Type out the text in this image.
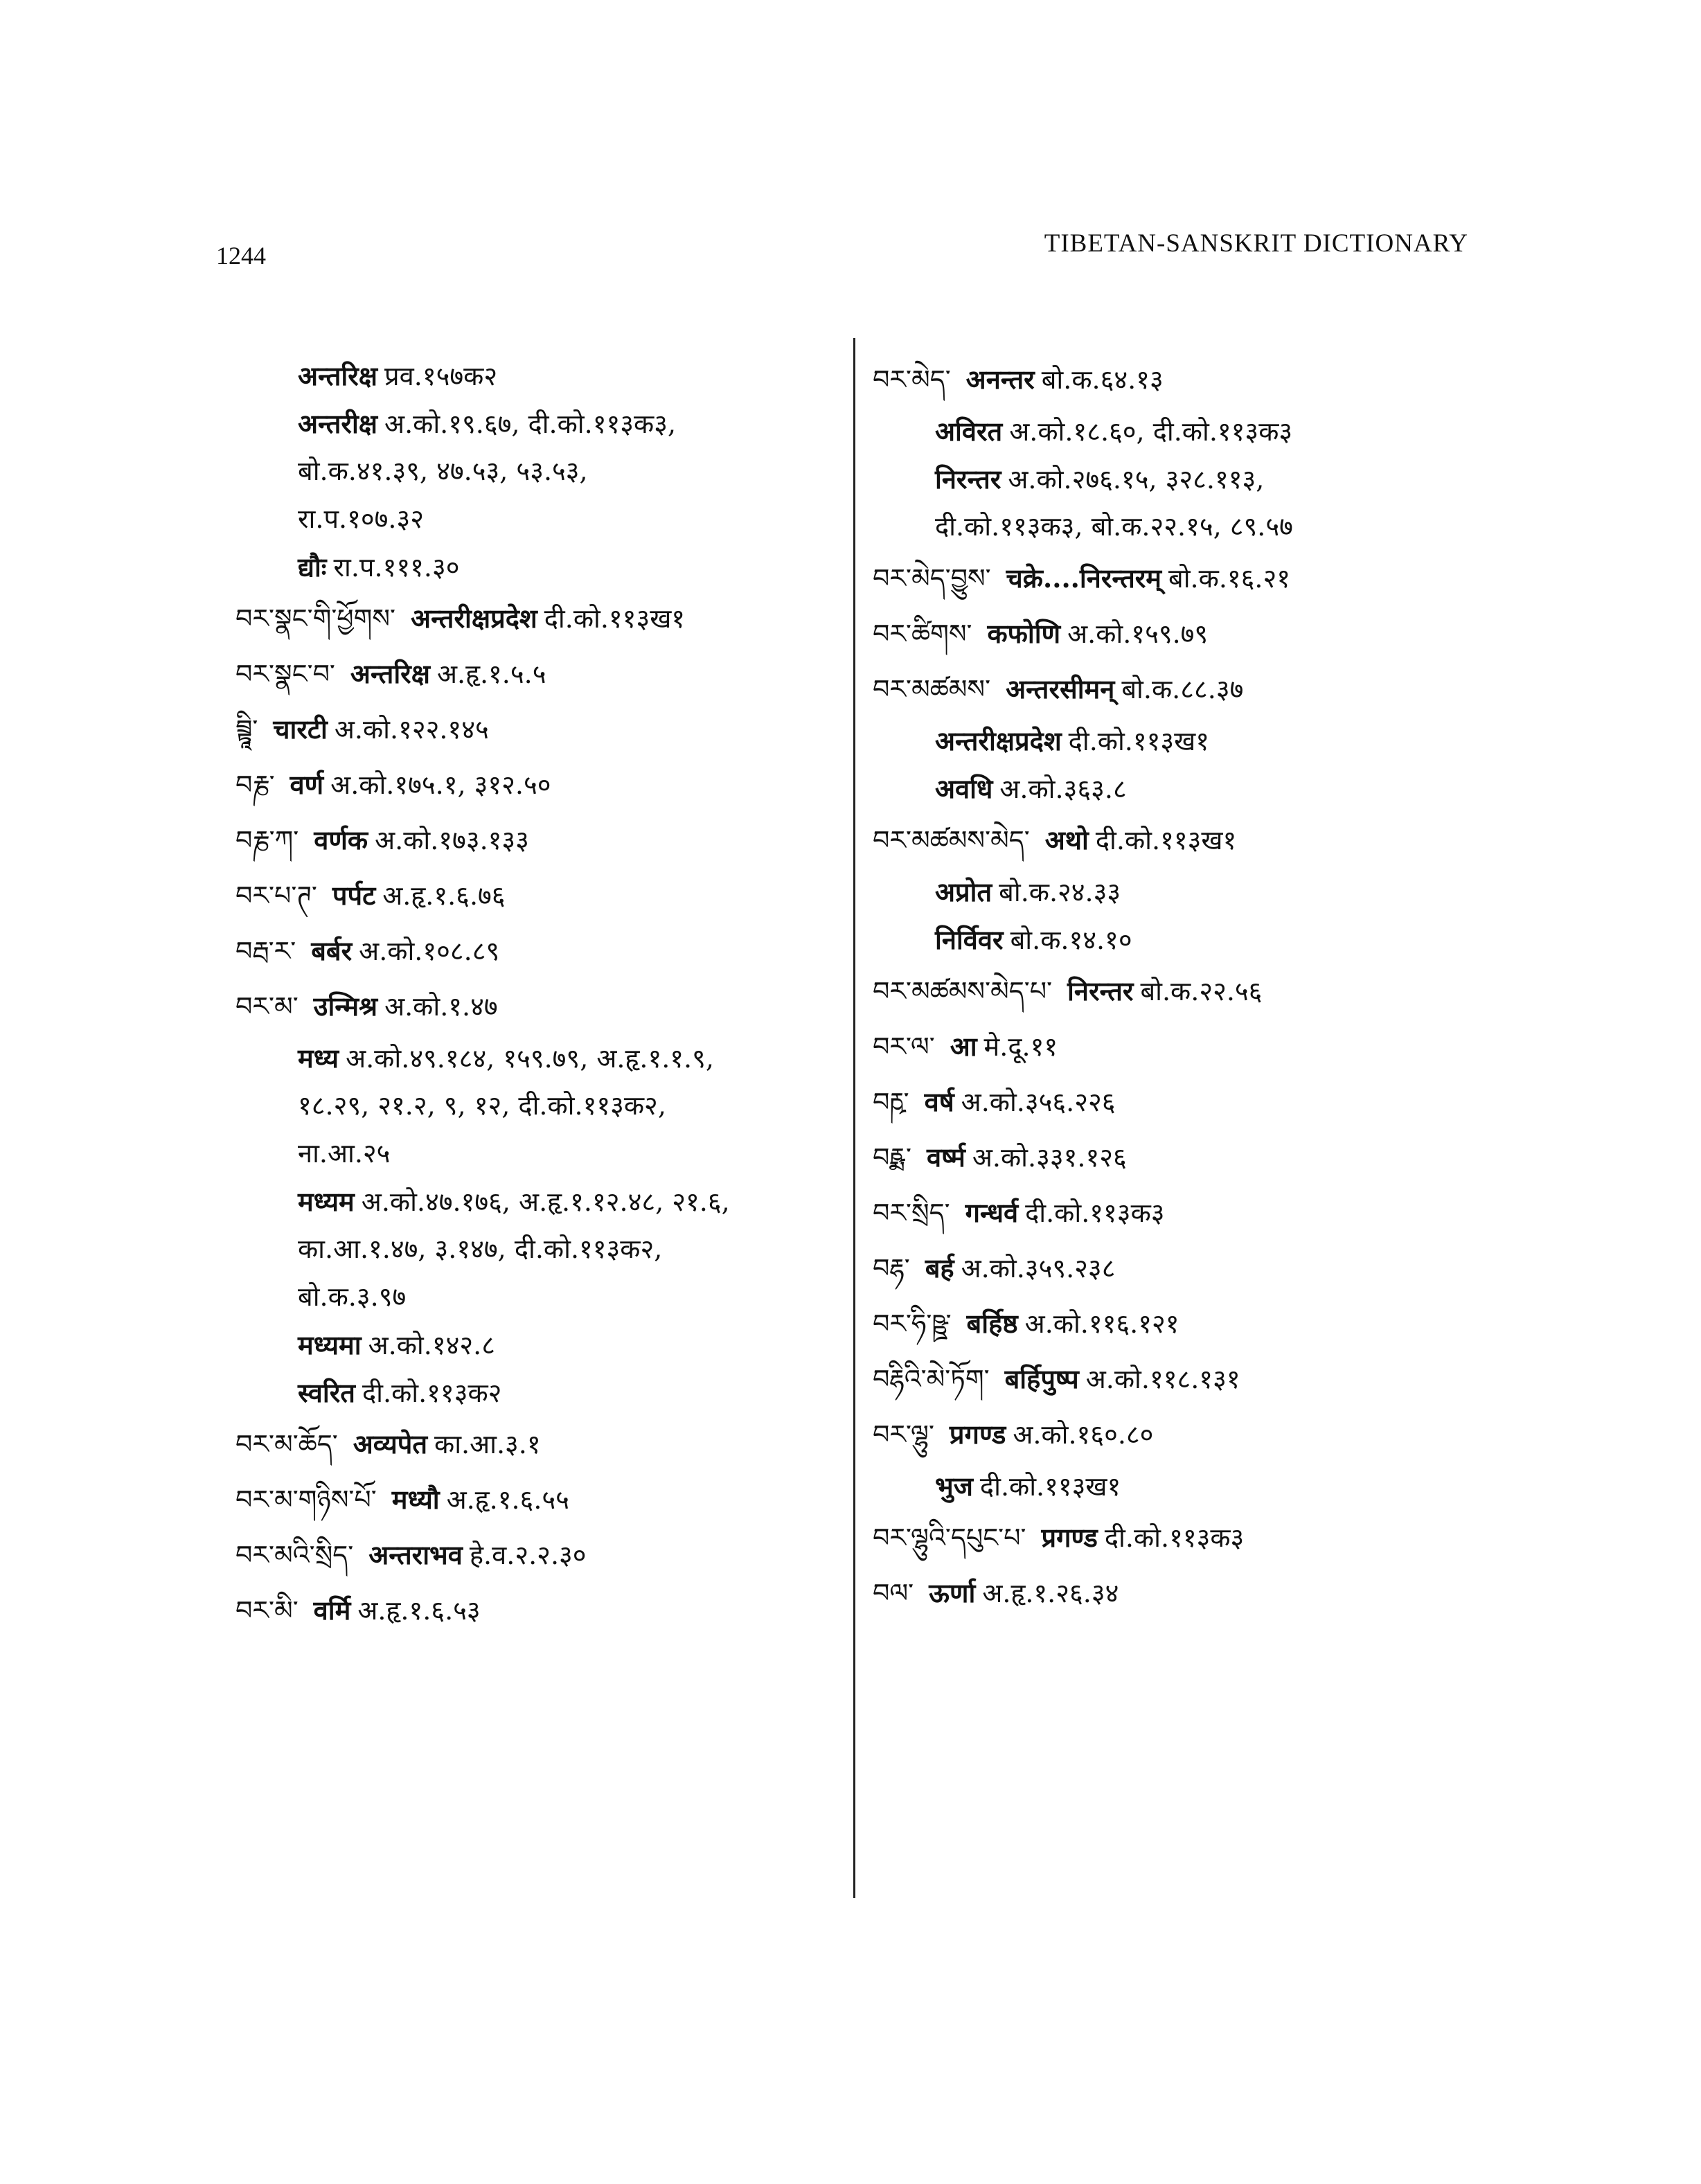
1244	TIBETAN-SANSKRIT DICTIONARY
अन्तरिक्ष प्रव.१५७क२
अन्तरीक्ष अ.को.१९.६७, दी.को.११३क३,
बो.क.४१.३९, ४७.५३, ५३.५३,
रा.प.१०७.३२
द्यौः रा.प.१११.३०
བར་སྣང་གི་ཕྱོགས་ अन्तरीक्षप्रदेश दी.को.११३ख१
བར་སྣང་བ་ अन्तरिक्ष अ.हृ.१.५.५
བྲྟཱི་ चारटी अ.को.१२२.१४५
བརྞ་ वर्ण अ.को.१७५.१, ३१२.५०
བརྞ་ཀ་ वर्णक अ.को.१७३.१३३
བར་པ་ཊ་ पर्पट अ.हृ.१.६.७६
བརྦ་ར་ बर्बर अ.को.१०८.८९
བར་མ་ उन्मिश्र अ.को.१.४७
मध्य अ.को.४९.१८४, १५९.७९, अ.हृ.१.१.९,
१८.२९, २१.२, ९, १२, दी.को.११३क२,
ना.आ.२५
मध्यम अ.को.४७.१७६, अ.हृ.१.१२.४८, २१.६,
का.आ.१.४७, ३.१४७, दी.को.११३क२,
बो.क.३.९७
मध्यमा अ.को.१४२.८
स्वरित दी.को.११३क२
བར་མ་ཆོད་ अव्यपेत का.आ.३.१
བར་མ་གཉིས་པོ་ मध्यौ अ.हृ.१.६.५५
བར་མའི་སྲིད་ अन्तराभव हे.व.२.२.३०
བར་མི་ वर्मि अ.हृ.१.६.५३
བར་མེད་ अनन्तर बो.क.६४.१३
अविरत अ.को.१८.६०, दी.को.११३क३
निरन्तर अ.को.२७६.१५, ३२८.११३,
दी.को.११३क३, बो.क.२२.१५, ८९.५७
བར་མེད་བྱུས་ चक्रे....निरन्तरम् बो.क.१६.२१
བར་ཚིགས་ कफोणि अ.को.१५९.७९
བར་མཚམས་ अन्तरसीमन् बो.क.८८.३७
अन्तरीक्षप्रदेश दी.को.११३ख१
अवधि अ.को.३६३.८
བར་མཚམས་མེད་ अथो दी.को.११३ख१
अप्रोत बो.क.२४.३३
निर्विवर बो.क.१४.१०
བར་མཚམས་མེད་པ་ निरन्तर बो.क.२२.५६
བར་ལ་ आ मे.दू.११
བརྵ་ वर्ष अ.को.३५६.२२६
བརྵྨ་ वर्ष्म अ.को.३३१.१२६
བར་སྲིད་ गन्धर्व दी.को.११३क३
བརྷ་ बर्ह अ.को.३५९.२३८
བར་ཧི་ཥྛ་ बर्हिष्ठ अ.को.११६.१२१
བརྷིའི་མེ་ཏོག་ बर्हिपुष्प अ.को.११८.१३१
བར་ལྷུ་ प्रगण्ड अ.को.१६०.८०
भुज दी.को.११३ख१
བར་ལྷུའི་དཔུང་པ་ प्रगण्ड दी.को.११३क३
བལ་ ऊर्णा अ.हृ.१.२६.३४
